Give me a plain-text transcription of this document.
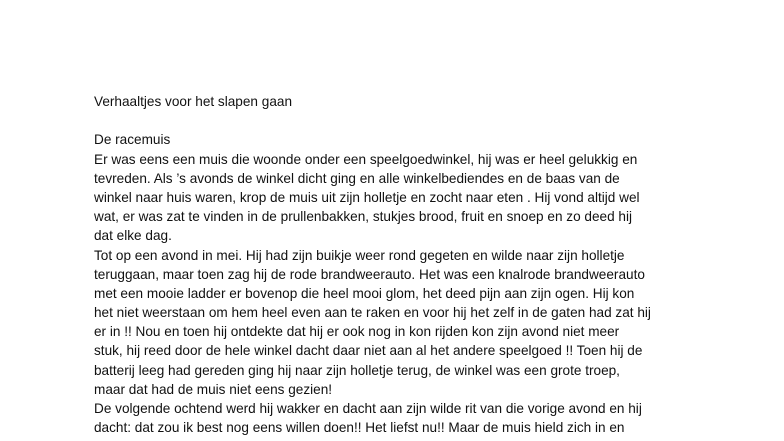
Verhaaltjes voor het slapen gaan
De racemuis
Er was eens een muis die woonde onder een speelgoedwinkel, hij was er heel gelukkig en
tevreden. Als ’s avonds de winkel dicht ging en alle winkelbediendes en de baas van de
winkel naar huis waren, krop de muis uit zijn holletje en zocht naar eten . Hij vond altijd wel
wat, er was zat te vinden in de prullenbakken, stukjes brood, fruit en snoep en zo deed hij
dat elke dag.
Tot op een avond in mei. Hij had zijn buikje weer rond gegeten en wilde naar zijn holletje
teruggaan, maar toen zag hij de rode brandweerauto. Het was een knalrode brandweerauto
met een mooie ladder er bovenop die heel mooi glom, het deed pijn aan zijn ogen. Hij kon
het niet weerstaan om hem heel even aan te raken en voor hij het zelf in de gaten had zat hij
er in !! Nou en toen hij ontdekte dat hij er ook nog in kon rijden kon zijn avond niet meer
stuk, hij reed door de hele winkel dacht daar niet aan al het andere speelgoed !! Toen hij de
batterij leeg had gereden ging hij naar zijn holletje terug, de winkel was een grote troep,
maar dat had de muis niet eens gezien!
De volgende ochtend werd hij wakker en dacht aan zijn wilde rit van die vorige avond en hij
dacht: dat zou ik best nog eens willen doen!! Het liefst nu!! Maar de muis hield zich in en
